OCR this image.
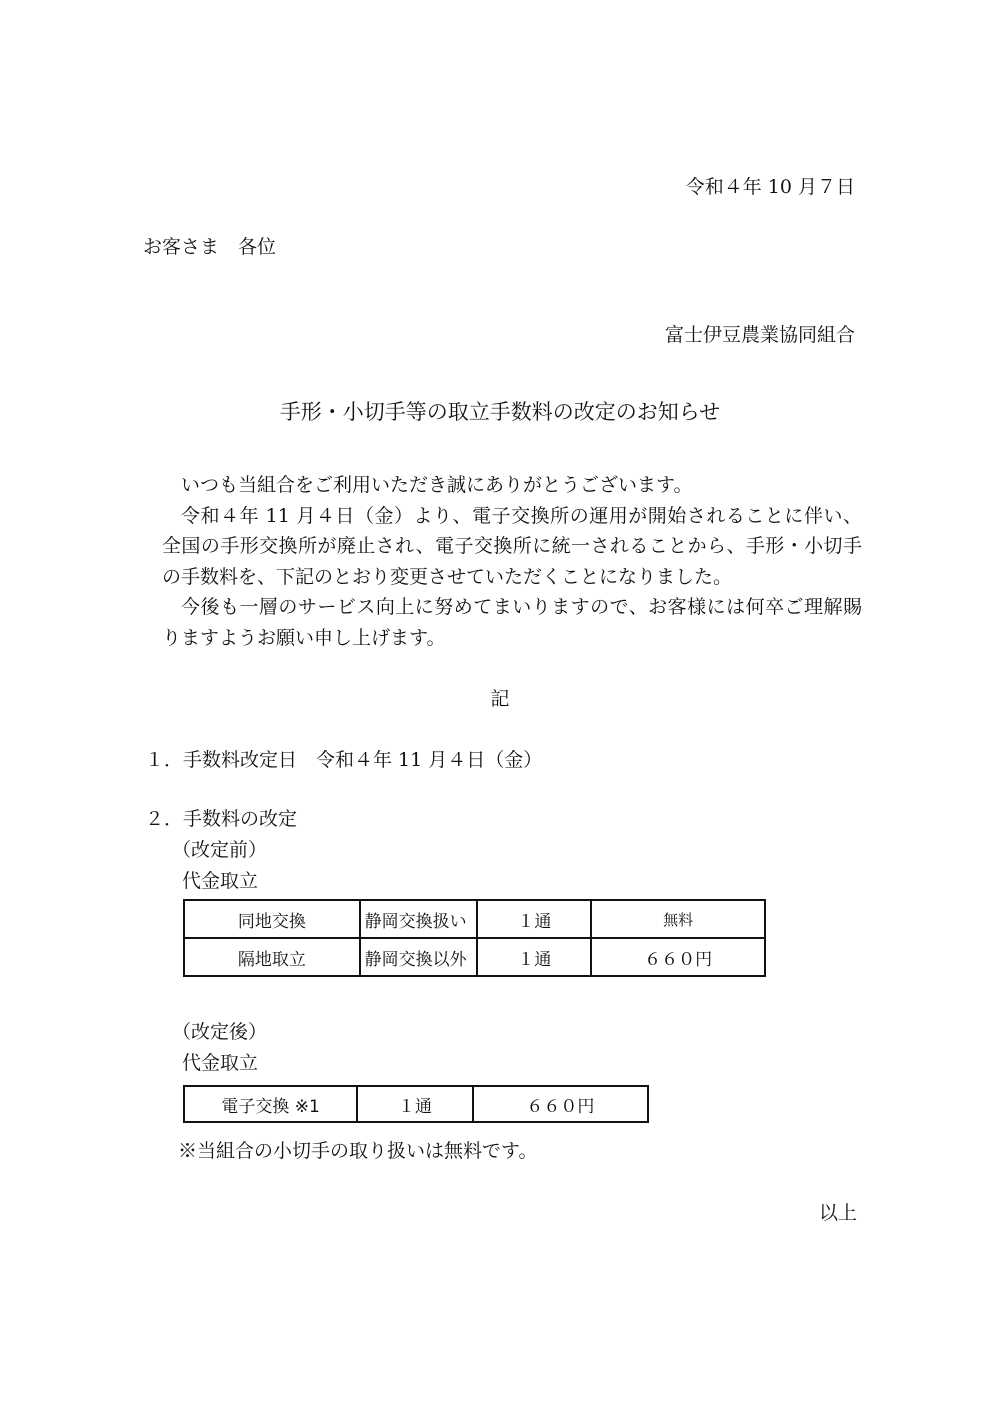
令和４年 10 月７日
お客さま　各位
富士伊豆農業協同組合
手形・小切手等の取立手数料の改定のお知らせ

いつも当組合をご利用いただき誠にありがとうございます。

令和４年 11 月４日（金）より、電子交換所の運用が開始されることに伴い、全国の手形交換所が廃止され、電子交換所に統一されることから、手形・小切手の手数料を、下記のとおり変更させていただくことになりました。

今後も一層のサービス向上に努めてまいりますので、お客様には何卒ご理解賜りますようお願い申し上げます。

記
１．手数料改定日　令和４年 11 月４日（金）
２．手数料の改定
（改定前）
代金取立
同地交換	静岡交換扱い	１通	無料
隔地取立	静岡交換以外	１通	６６０円
（改定後）
代金取立
電子交換 ※1	１通	６６０円
※当組合の小切手の取り扱いは無料です。
以上
